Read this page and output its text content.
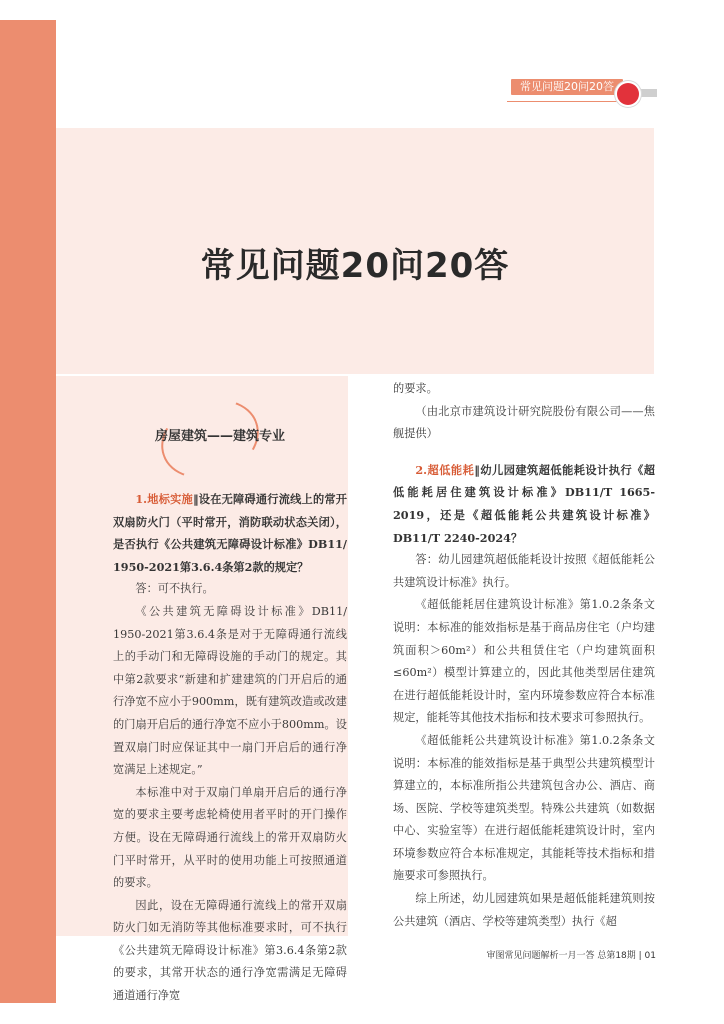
常见问题20问20答
常见问题20问20答
房屋建筑——建筑专业

1.地标实施‖设在无障碍通行流线上的常开双扇防火门（平时常开，消防联动状态关闭），是否执行《公共建筑无障碍设计标准》DB11/ 1950-2021第3.6.4条第2款的规定？

答：可不执行。

《公共建筑无障碍设计标准》DB11/ 1950-2021第3.6.4条是对于无障碍通行流线上的手动门和无障碍设施的手动门的规定。其中第2款要求“新建和扩建建筑的门开启后的通行净宽不应小于900mm，既有建筑改造或改建的门扇开启后的通行净宽不应小于800mm。设置双扇门时应保证其中一扇门开启后的通行净宽满足上述规定。”

本标准中对于双扇门单扇开启后的通行净宽的要求主要考虑轮椅使用者平时的开门操作方便。设在无障碍通行流线上的常开双扇防火门平时常开，从平时的使用功能上可按照通道的要求。

因此，设在无障碍通行流线上的常开双扇防火门如无消防等其他标准要求时，可不执行《公共建筑无障碍设计标准》第3.6.4条第2款的要求，其常开状态的通行净宽需满足无障碍通道通行净宽

的要求。

（由北京市建筑设计研究院股份有限公司——焦舰提供）

2.超低能耗‖幼儿园建筑超低能耗设计执行《超低能耗居住建筑设计标准》DB11/T 1665-2019，还是《超低能耗公共建筑设计标准》DB11/T 2240-2024？

答：幼儿园建筑超低能耗设计按照《超低能耗公共建筑设计标准》执行。

《超低能耗居住建筑设计标准》第1.0.2条条文说明：本标准的能效指标是基于商品房住宅（户均建筑面积＞60m²）和公共租赁住宅（户均建筑面积≤60m²）模型计算建立的，因此其他类型居住建筑在进行超低能耗设计时，室内环境参数应符合本标准规定，能耗等其他技术指标和技术要求可参照执行。

《超低能耗公共建筑设计标准》第1.0.2条条文说明：本标准的能效指标是基于典型公共建筑模型计算建立的，本标准所指公共建筑包含办公、酒店、商场、医院、学校等建筑类型。特殊公共建筑（如数据中心、实验室等）在进行超低能耗建筑设计时，室内环境参数应符合本标准规定，其能耗等技术指标和措施要求可参照执行。

综上所述，幼儿园建筑如果是超低能耗建筑则按公共建筑（酒店、学校等建筑类型）执行《超

审图常见问题解析一月一答 总第18期 | 01
